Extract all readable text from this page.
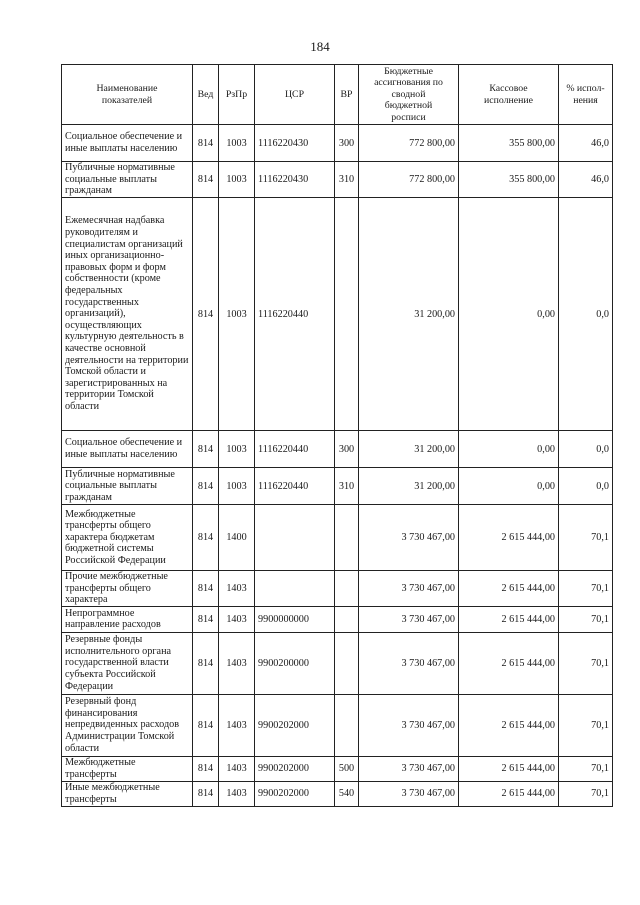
184
Наименование показателей	Вед	РзПр	ЦСР	ВР	Бюджетные ассигнования по сводной бюджетной росписи	Кассовое исполнение	% испол-нения
Социальное обеспечение и иные выплаты населению	814	1003	1116220430	300	772 800,00	355 800,00	46,0
Публичные нормативные социальные выплаты гражданам	814	1003	1116220430	310	772 800,00	355 800,00	46,0
Ежемесячная надбавка руководителям и специалистам организаций иных организационно-правовых форм и форм собственности (кроме федеральных государственных организаций), осуществляющих культурную деятельность в качестве основной деятельности на территории Томской области и зарегистрированных на территории Томской области	814	1003	1116220440		31 200,00	0,00	0,0
Социальное обеспечение и иные выплаты населению	814	1003	1116220440	300	31 200,00	0,00	0,0
Публичные нормативные социальные выплаты гражданам	814	1003	1116220440	310	31 200,00	0,00	0,0
Межбюджетные трансферты общего характера бюджетам бюджетной системы Российской Федерации	814	1400			3 730 467,00	2 615 444,00	70,1
Прочие межбюджетные трансферты общего характера	814	1403			3 730 467,00	2 615 444,00	70,1
Непрограммное направление расходов	814	1403	9900000000		3 730 467,00	2 615 444,00	70,1
Резервные фонды исполнительного органа государственной власти субъекта Российской Федерации	814	1403	9900200000		3 730 467,00	2 615 444,00	70,1
Резервный фонд финансирования непредвиденных расходов Администрации Томской области	814	1403	9900202000		3 730 467,00	2 615 444,00	70,1
Межбюджетные трансферты	814	1403	9900202000	500	3 730 467,00	2 615 444,00	70,1
Иные межбюджетные трансферты	814	1403	9900202000	540	3 730 467,00	2 615 444,00	70,1
